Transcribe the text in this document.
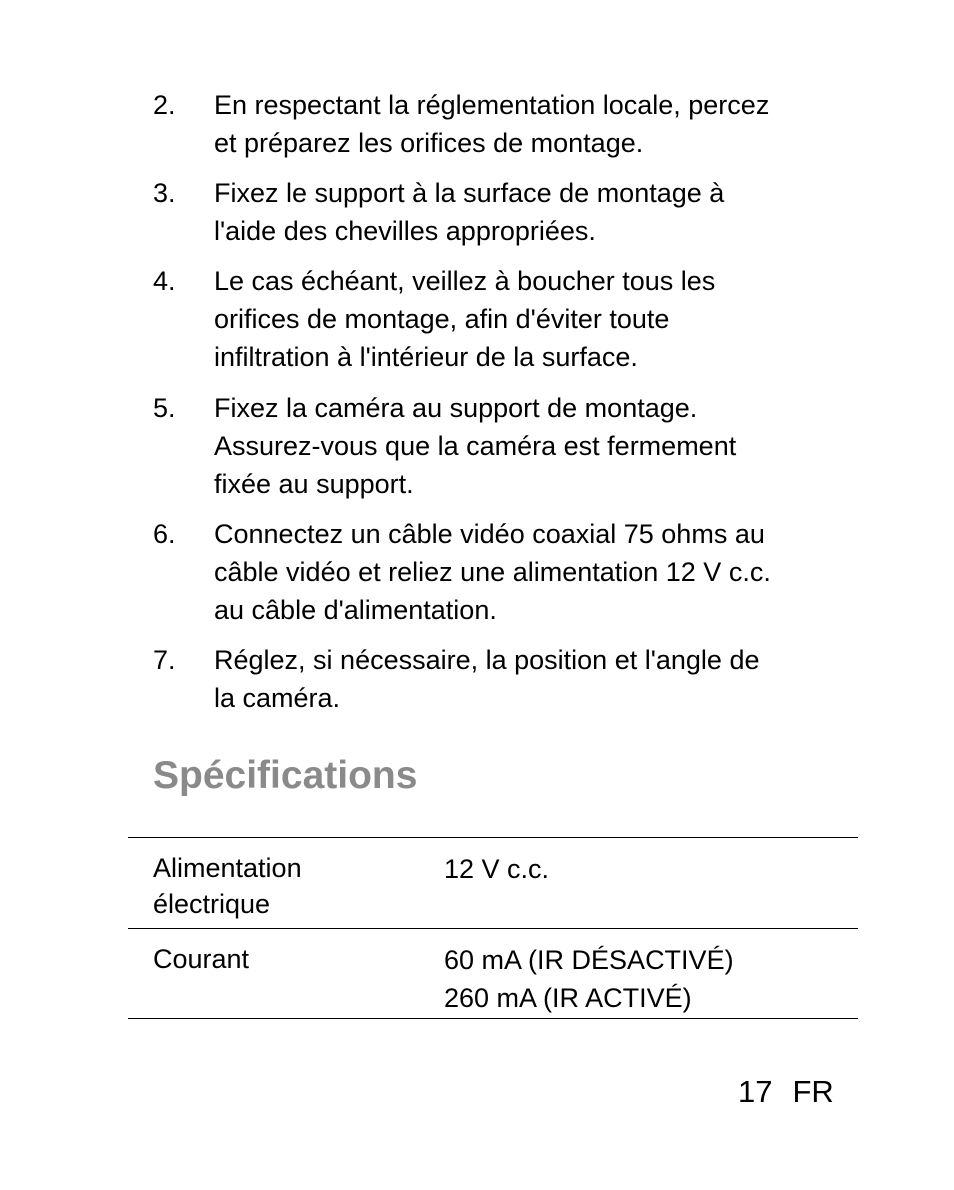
2. En respectant la réglementation locale, percez
et préparez les orifices de montage.
3. Fixez le support à la surface de montage à
l'aide des chevilles appropriées.
4. Le cas échéant, veillez à boucher tous les
orifices de montage, afin d'éviter toute
infiltration à l'intérieur de la surface.
5. Fixez la caméra au support de montage.
Assurez-vous que la caméra est fermement
fixée au support.
6. Connectez un câble vidéo coaxial 75 ohms au
câble vidéo et reliez une alimentation 12 V c.c.
au câble d'alimentation.
7. Réglez, si nécessaire, la position et l'angle de
la caméra.
Spécifications
Alimentation
électrique
12 V c.c.
Courant	60 mA (IR DÉSACTIVÉ)
260 mA (IR ACTIVÉ)
17 FR
